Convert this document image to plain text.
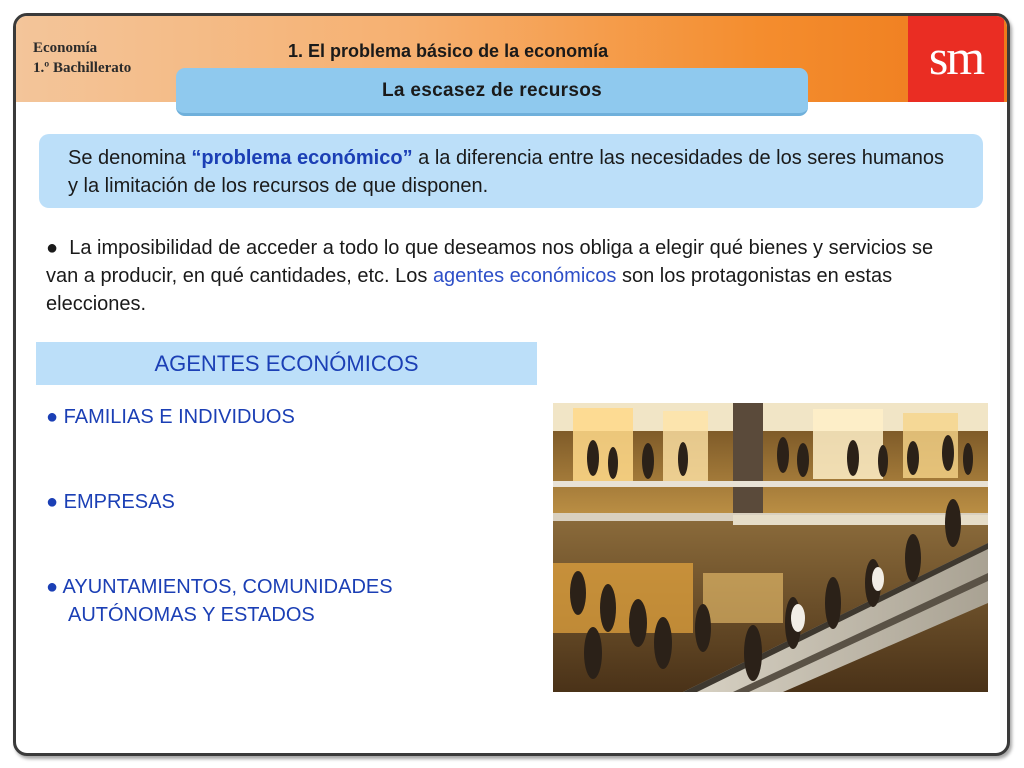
Economía
1.º Bachillerato
1. El problema básico de la economía	sm
La escasez de recursos
Se denomina “problema económico” a la diferencia entre las necesidades de los seres humanos y la limitación de los recursos de que disponen.
● La imposibilidad de acceder a todo lo que deseamos nos obliga a elegir qué bienes y servicios se van a producir, en qué cantidades, etc. Los agentes económicos son los protagonistas en estas elecciones.
AGENTES ECONÓMICOS
● FAMILIAS E INDIVIDUOS
● EMPRESAS
● AYUNTAMIENTOS, COMUNIDADES
AUTÓNOMAS Y ESTADOS
